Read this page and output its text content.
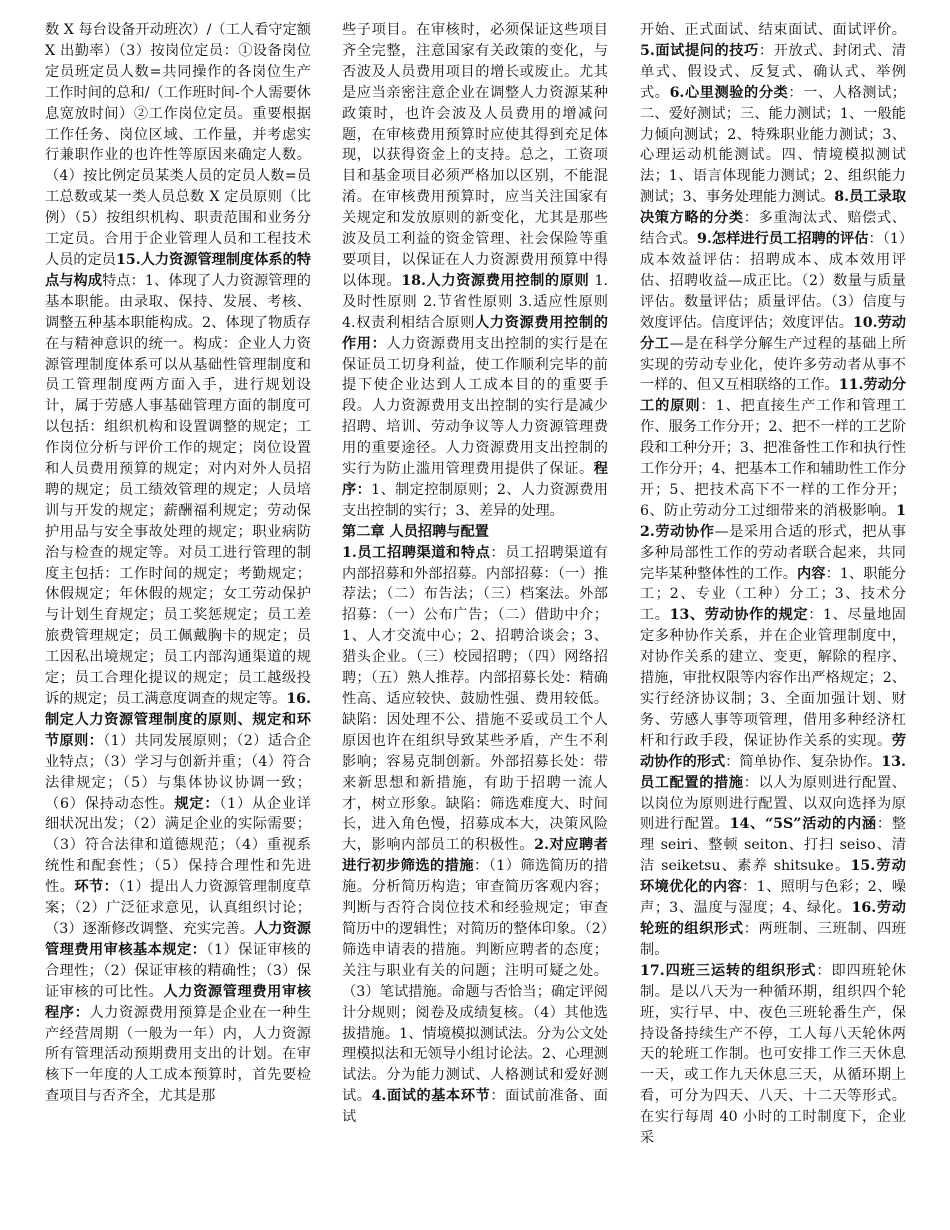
数 X 每台设备开动班次）/（工人看守定额 X 出勤率）（3）按岗位定员：①设备岗位定员班定员人数=共同操作的各岗位生产工作时间的总和/（工作班时间-个人需要休息宽放时间）②工作岗位定员。重要根据工作任务、岗位区域、工作量，并考虑实行兼职作业的也许性等原因来确定人数。（4）按比例定员某类人员的定员人数=员工总数或某一类人员总数 X 定员原则（比例）（5）按组织机构、职责范围和业务分工定员。合用于企业管理人员和工程技术人员的定员15.人力资源管理制度体系的特点与构成特点：1、体现了人力资源管理的基本职能。由录取、保持、发展、考核、调整五种基本职能构成。2、体现了物质存在与精神意识的统一。构成：企业人力资源管理制度体系可以从基础性管理制度和员工管理制度两方面入手，进行规划设计，属于劳感人事基础管理方面的制度可以包括：组织机构和设置调整的规定；工作岗位分析与评价工作的规定；岗位设置和人员费用预算的规定；对内对外人员招聘的规定；员工绩效管理的规定；人员培训与开发的规定；薪酬福利规定；劳动保护用品与安全事故处理的规定；职业病防治与检查的规定等。对员工进行管理的制度主包括：工作时间的规定；考勤规定；休假规定；年休假的规定；女工劳动保护与计划生育规定；员工奖惩规定；员工差旅费管理规定；员工佩戴胸卡的规定；员工因私出境规定；员工内部沟通渠道的规定；员工合理化提议的规定；员工越级投诉的规定；员工满意度调查的规定等。16.制定人力资源管理制度的原则、规定和环节原则：（1）共同发展原则；（2）适合企业特点；（3）学习与创新并重；（4）符合法律规定；（5）与集体协议协调一致；（6）保持动态性。规定：（1）从企业详细状况出发；（2）满足企业的实际需要；（3）符合法律和道德规范；（4）重视系统性和配套性；（5）保持合理性和先进性。环节：（1）提出人力资源管理制度草案；（2）广泛征求意见，认真组织讨论；（3）逐渐修改调整、充实完善。人力资源管理费用审核基本规定：（1）保证审核的合理性；（2）保证审核的精确性；（3）保证审核的可比性。人力资源管理费用审核程序：人力资源费用预算是企业在一种生产经营周期（一般为一年）内，人力资源所有管理活动预期费用支出的计划。在审核下一年度的人工成本预算时，首先要检查项目与否齐全，尤其是那
些子项目。在审核时，必须保证这些项目齐全完整，注意国家有关政策的变化，与否波及人员费用项目的增长或废止。尤其是应当亲密注意企业在调整人力资源某种政策时，也许会波及人员费用的增减问题，在审核费用预算时应使其得到充足体现，以获得资金上的支持。总之，工资项目和基金项目必须严格加以区别，不能混淆。在审核费用预算时，应当关注国家有关规定和发放原则的新变化，尤其是那些波及员工利益的资金管理、社会保险等重要项目，以保证在人力资源费用预算中得以体现。18.人力资源费用控制的原则 1.及时性原则 2.节省性原则 3.适应性原则 4.权责利相结合原则人力资源费用控制的作用：人力资源费用支出控制的实行是在保证员工切身利益，使工作顺利完毕的前提下使企业达到人工成本目的的重要手段。人力资源费用支出控制的实行是减少招聘、培训、劳动争议等人力资源管理费用的重要途径。人力资源费用支出控制的实行为防止滥用管理费用提供了保证。程序：1、制定控制原则；2、人力资源费用支出控制的实行；3、差异的处理。
第二章 人员招聘与配置
1.员工招聘渠道和特点：员工招聘渠道有内部招募和外部招募。内部招募：（一）推荐法；（二）布告法；（三）档案法。外部招募：（一）公布广告；（二）借助中介；1、人才交流中心；2、招聘洽谈会；3、猎头企业。（三）校园招聘；（四）网络招聘；（五）熟人推荐。内部招募长处：精确性高、适应较快、鼓励性强、费用较低。缺陷：因处理不公、措施不妥或员工个人原因也许在组织导致某些矛盾，产生不利影响；容易克制创新。外部招募长处：带来新思想和新措施，有助于招聘一流人才，树立形象。缺陷：筛选难度大、时间长，进入角色慢，招募成本大，决策风险大，影响内部员工的积极性。2.对应聘者进行初步筛选的措施：（1）筛选简历的措施。分析简历构造；审查简历客观内容；判断与否符合岗位技术和经验规定；审查简历中的逻辑性；对简历的整体印象。（2）筛选申请表的措施。判断应聘者的态度；关注与职业有关的问题；注明可疑之处。（3）笔试措施。命题与否恰当；确定评阅计分规则；阅卷及成绩复核。（4）其他选拔措施。1、情境模拟测试法。分为公文处理模拟法和无领导小组讨论法。2、心理测试法。分为能力测试、人格测试和爱好测试。4.面试的基本环节：面试前准备、面试
开始、正式面试、结束面试、面试评价。5.面试提问的技巧：开放式、封闭式、清单式、假设式、反复式、确认式、举例式。6.心里测验的分类：一、人格测试；二、爱好测试；三、能力测试；1、一般能力倾向测试；2、特殊职业能力测试；3、心理运动机能测试。四、情境模拟测试法；1、语言体现能力测试；2、组织能力测试；3、事务处理能力测试。8.员工录取决策方略的分类：多重淘汰式、赔偿式、结合式。9.怎样进行员工招聘的评估：（1）成本效益评估：招聘成本、成本效用评估、招聘收益—成正比。（2）数量与质量评估。数量评估；质量评估。（3）信度与效度评估。信度评估；效度评估。10.劳动分工—是在科学分解生产过程的基础上所实现的劳动专业化，使许多劳动者从事不一样的、但又互相联络的工作。11.劳动分工的原则：1、把直接生产工作和管理工作、服务工作分开；2、把不一样的工艺阶段和工种分开；3、把准备性工作和执行性工作分开；4、把基本工作和辅助性工作分开；5、把技术高下不一样的工作分开；6、防止劳动分工过细带来的消极影响。12.劳动协作—是采用合适的形式，把从事多种局部性工作的劳动者联合起来，共同完毕某种整体性的工作。内容：1、职能分工；2、专业（工种）分工；3、技术分工。13、劳动协作的规定：1、尽量地固定多种协作关系，并在企业管理制度中，对协作关系的建立、变更，解除的程序、措施，审批权限等内容作出严格规定；2、实行经济协议制；3、全面加强计划、财务、劳感人事等项管理，借用多种经济杠杆和行政手段，保证协作关系的实现。劳动协作的形式：简单协作、复杂协作。13.员工配置的措施：以人为原则进行配置、以岗位为原则进行配置、以双向选择为原则进行配置。14、“5S”活动的内涵：整理 seiri、整顿 seiton、打扫 seiso、清洁 seiketsu、素养 shitsuke。15.劳动环境优化的内容：1、照明与色彩；2、噪声；3、温度与湿度；4、绿化。16.劳动轮班的组织形式：两班制、三班制、四班制。
17.四班三运转的组织形式：即四班轮休制。是以八天为一种循环期，组织四个轮班，实行早、中、夜色三班轮番生产，保持设备持续生产不停，工人每八天轮休两天的轮班工作制。也可安排工作三天休息一天，或工作九天休息三天，从循环期上看，可分为四天、八天、十二天等形式。在实行每周 40 小时的工时制度下，企业采
